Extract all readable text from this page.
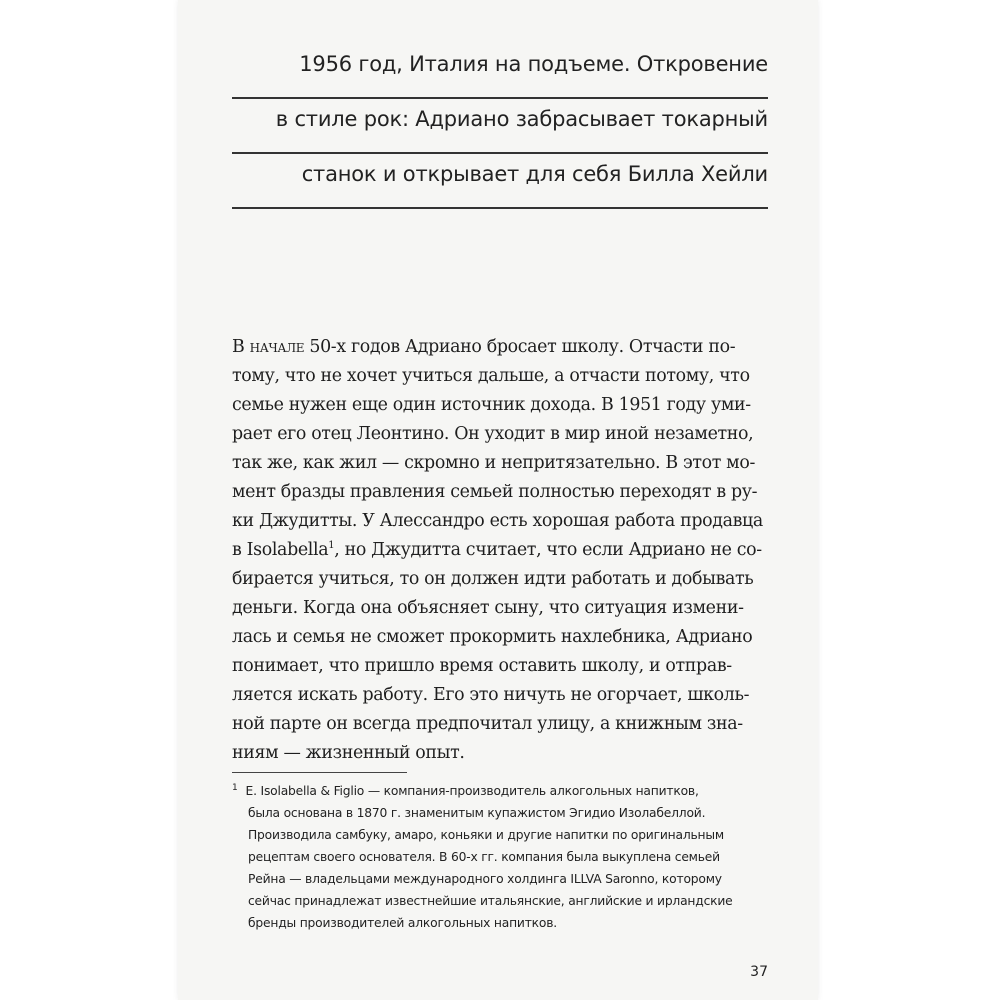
1956 год, Италия на подъеме. Откровение
в стиле рок: Адриано забрасывает токарный
станок и открывает для себя Билла Хейли
В начале 50-х годов Адриано бросает школу. Отчасти по-
тому, что не хочет учиться дальше, а отчасти потому, что
семье нужен еще один источник дохода. В 1951 году уми-
рает его отец Леонтино. Он уходит в мир иной незаметно,
так же, как жил — скромно и непритязательно. В этот мо-
мент бразды правления семьей полностью переходят в ру-
ки Джудитты. У Алессандро есть хорошая работа продавца
в Isolabella$^1$, но Джудитта считает, что если Адриано не со-
бирается учиться, то он должен идти работать и добывать
деньги. Когда она объясняет сыну, что ситуация измени-
лась и семья не сможет прокормить нахлебника, Адриано
понимает, что пришло время оставить школу, и отправ-
ляется искать работу. Его это ничуть не огорчает, школь-
ной парте он всегда предпочитал улицу, а книжным зна-
ниям — жизненный опыт.
$^1$ E. Isolabella & Figlio — компания-производитель алкогольных напитков,
была основана в 1870 г. знаменитым купажистом Эгидио Изолабеллой.
Производила самбуку, амаро, коньяки и другие напитки по оригинальным
рецептам своего основателя. В 60-х гг. компания была выкуплена семьей
Рейна — владельцами международного холдинга ILLVA Saronno, которому
сейчас принадлежат известнейшие итальянские, английские и ирландские
бренды производителей алкогольных напитков.
37
